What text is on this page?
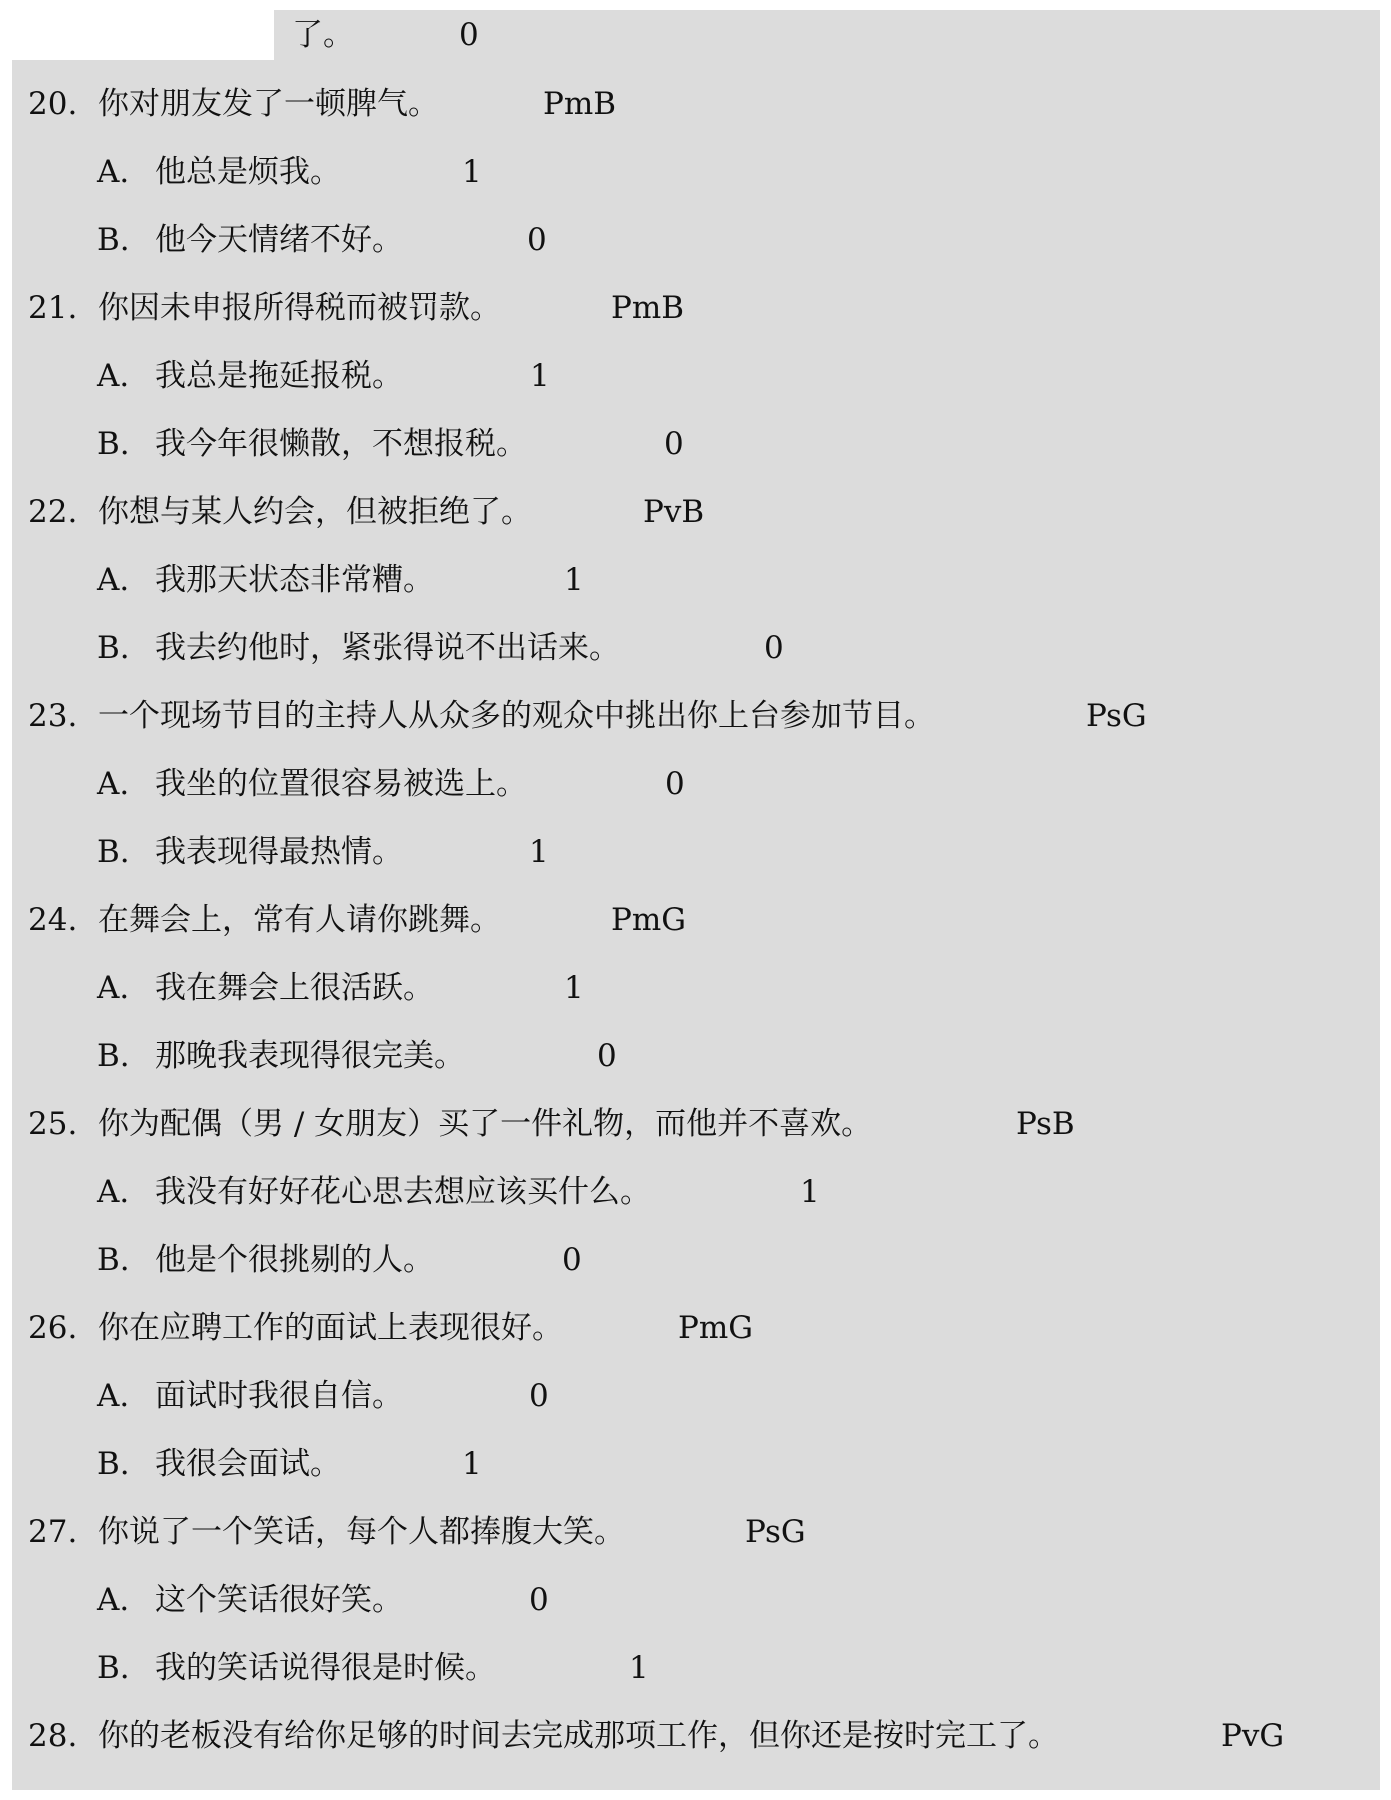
了。	0
20. 你对朋友发了一顿脾气。	PmB
A. 他总是烦我。	1
B. 他今天情绪不好。	0
21. 你因未申报所得税而被罚款。	PmB
A. 我总是拖延报税。	1
B. 我今年很懒散，不想报税。	0
22. 你想与某人约会，但被拒绝了。	PvB
A. 我那天状态非常糟。	1
B. 我去约他时，紧张得说不出话来。	0
23. 一个现场节目的主持人从众多的观众中挑出你上台参加节目。	PsG
A. 我坐的位置很容易被选上。	0
B. 我表现得最热情。	1
24. 在舞会上，常有人请你跳舞。	PmG
A. 我在舞会上很活跃。	1
B. 那晚我表现得很完美。	0
25. 你为配偶（男 / 女朋友）买了一件礼物，而他并不喜欢。	PsB
A. 我没有好好花心思去想应该买什么。	1
B. 他是个很挑剔的人。	0
26. 你在应聘工作的面试上表现很好。	PmG
A. 面试时我很自信。	0
B. 我很会面试。	1
27. 你说了一个笑话，每个人都捧腹大笑。	PsG
A. 这个笑话很好笑。	0
B. 我的笑话说得很是时候。	1
28. 你的老板没有给你足够的时间去完成那项工作，但你还是按时完工了。	PvG
